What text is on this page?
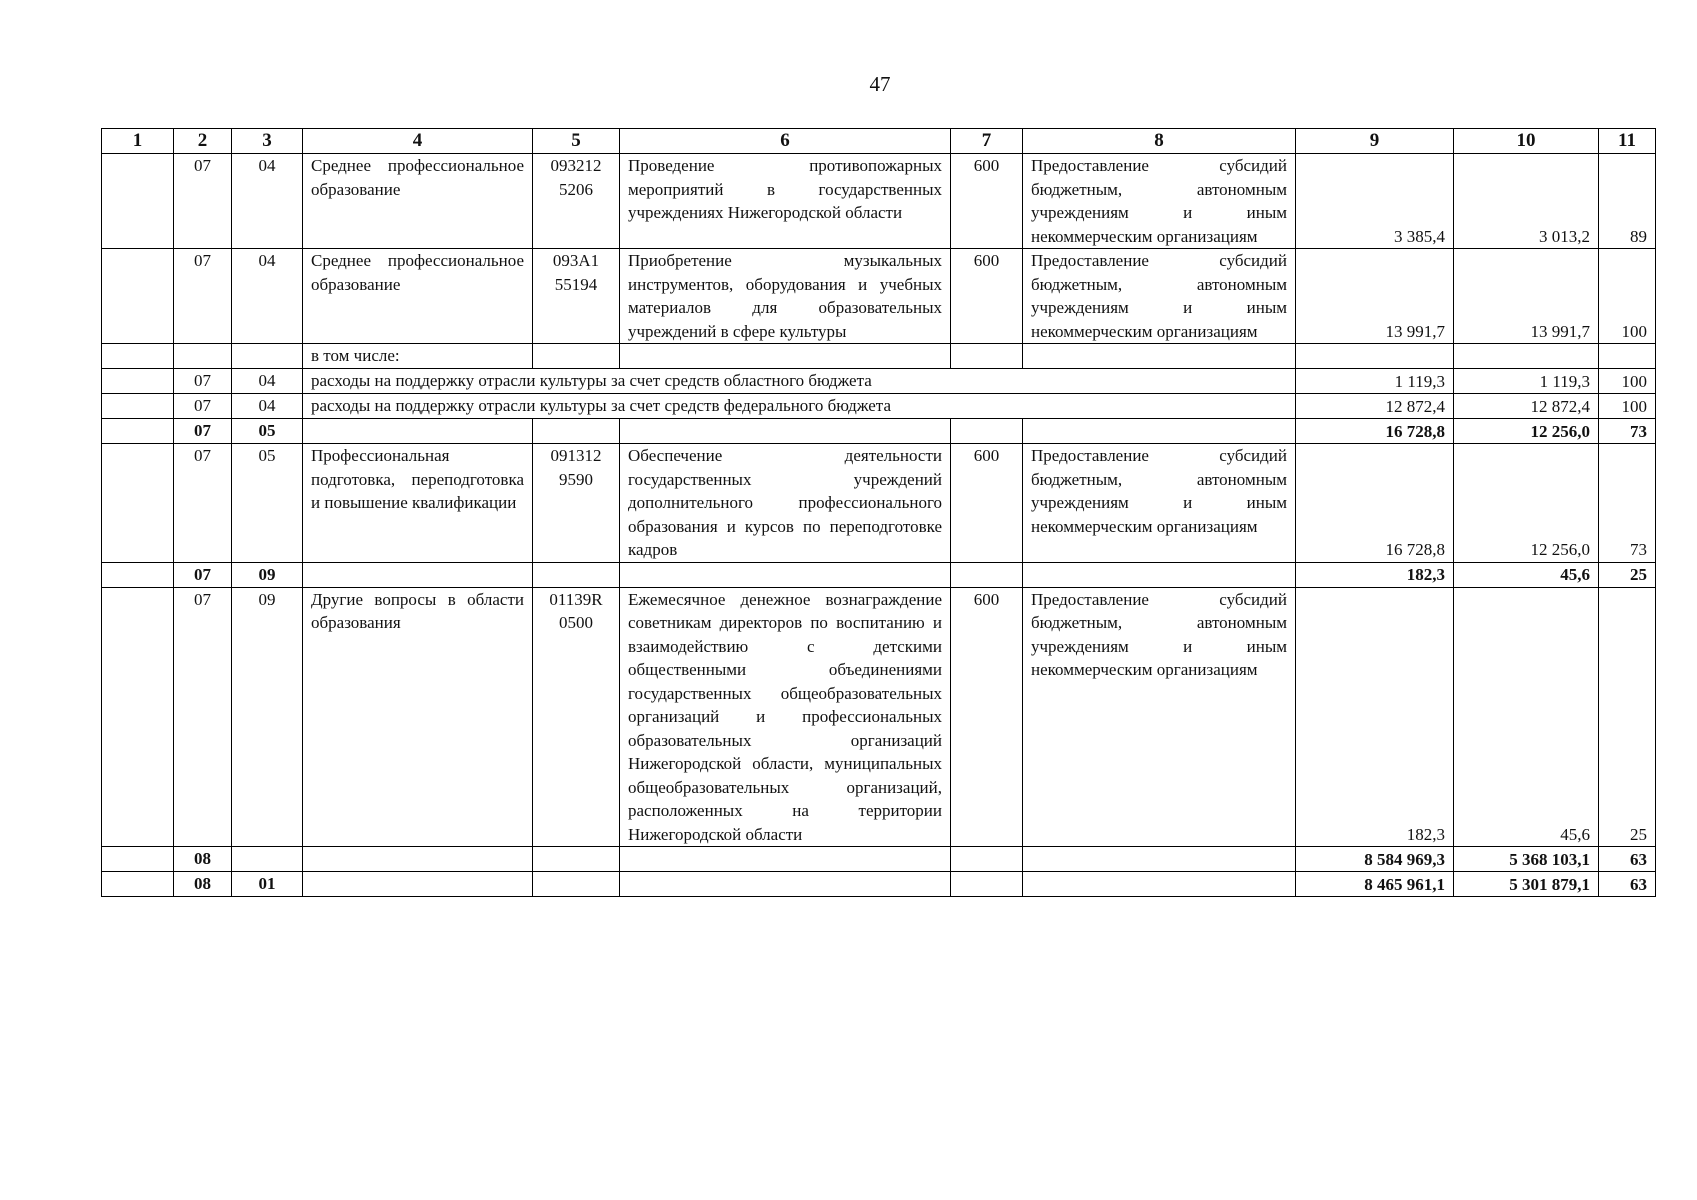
47
1	2	3	4	5	6	7	8	9	10	11
	07	04	Среднее профессиональное образование	093212 5206	Проведение противопожарных мероприятий в государственных учреждениях Нижегородской области	600	Предоставление субсидий бюджетным, автономным учреждениям и иным некоммерческим организациям	3 385,4	3 013,2	89
	07	04	Среднее профессиональное образование	093А1 55194	Приобретение музыкальных инструментов, оборудования и учебных материалов для образовательных учреждений в сфере культуры	600	Предоставление субсидий бюджетным, автономным учреждениям и иным некоммерческим организациям	13 991,7	13 991,7	100
			в том числе:							
	07	04	расходы на поддержку отрасли культуры за счет средств областного бюджета					1 119,3	1 119,3	100
	07	04	расходы на поддержку отрасли культуры за счет средств федерального бюджета					12 872,4	12 872,4	100
	07	05						16 728,8	12 256,0	73
	07	05	Профессиональная подготовка, переподготовка и повышение квалификации	091312 9590	Обеспечение деятельности государственных учреждений дополнительного профессионального образования и курсов по переподготовке кадров	600	Предоставление субсидий бюджетным, автономным учреждениям и иным некоммерческим организациям	16 728,8	12 256,0	73
	07	09						182,3	45,6	25
	07	09	Другие вопросы в области образования	01139R 0500	Ежемесячное денежное вознаграждение советникам директоров по воспитанию и взаимодействию с детскими общественными объединениями государственных общеобразовательных организаций и профессиональных образовательных организаций Нижегородской области, муниципальных общеобразовательных организаций, расположенных на территории Нижегородской области	600	Предоставление субсидий бюджетным, автономным учреждениям и иным некоммерческим организациям	182,3	45,6	25
	08							8 584 969,3	5 368 103,1	63
	08	01						8 465 961,1	5 301 879,1	63
